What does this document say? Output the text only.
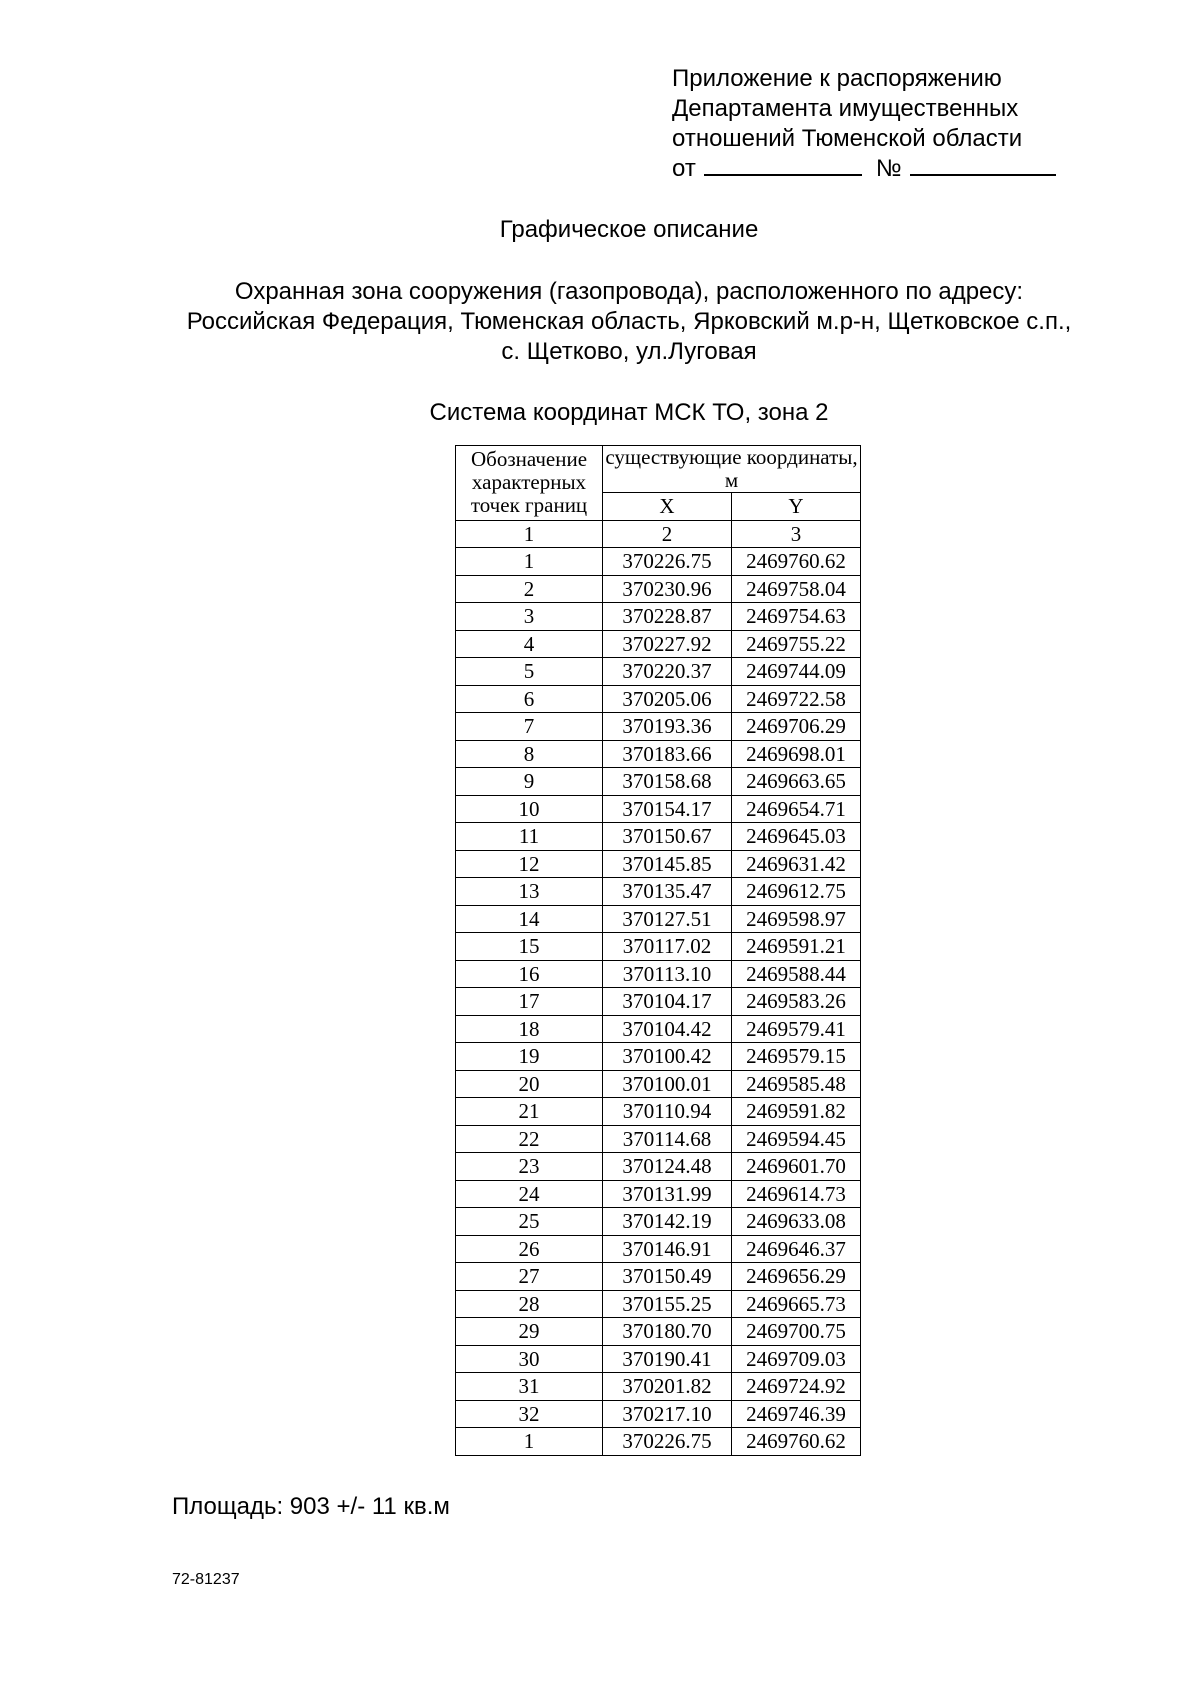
Приложение к распоряжению
Департамента имущественных
отношений Тюменской области
от	№
Графическое описание
Охранная зона сооружения (газопровода), расположенного по адресу:
Российская Федерация, Тюменская область, Ярковский м.р-н, Щетковское с.п.,
с. Щетково, ул.Луговая
Система координат МСК ТО, зона 2
Обозначение характерных точек границ	существующие координаты, м	
	X	Y
1	2	3
1	370226.75	2469760.62
2	370230.96	2469758.04
3	370228.87	2469754.63
4	370227.92	2469755.22
5	370220.37	2469744.09
6	370205.06	2469722.58
7	370193.36	2469706.29
8	370183.66	2469698.01
9	370158.68	2469663.65
10	370154.17	2469654.71
11	370150.67	2469645.03
12	370145.85	2469631.42
13	370135.47	2469612.75
14	370127.51	2469598.97
15	370117.02	2469591.21
16	370113.10	2469588.44
17	370104.17	2469583.26
18	370104.42	2469579.41
19	370100.42	2469579.15
20	370100.01	2469585.48
21	370110.94	2469591.82
22	370114.68	2469594.45
23	370124.48	2469601.70
24	370131.99	2469614.73
25	370142.19	2469633.08
26	370146.91	2469646.37
27	370150.49	2469656.29
28	370155.25	2469665.73
29	370180.70	2469700.75
30	370190.41	2469709.03
31	370201.82	2469724.92
32	370217.10	2469746.39
1	370226.75	2469760.62
Площадь: 903 +/- 11 кв.м
72-81237
